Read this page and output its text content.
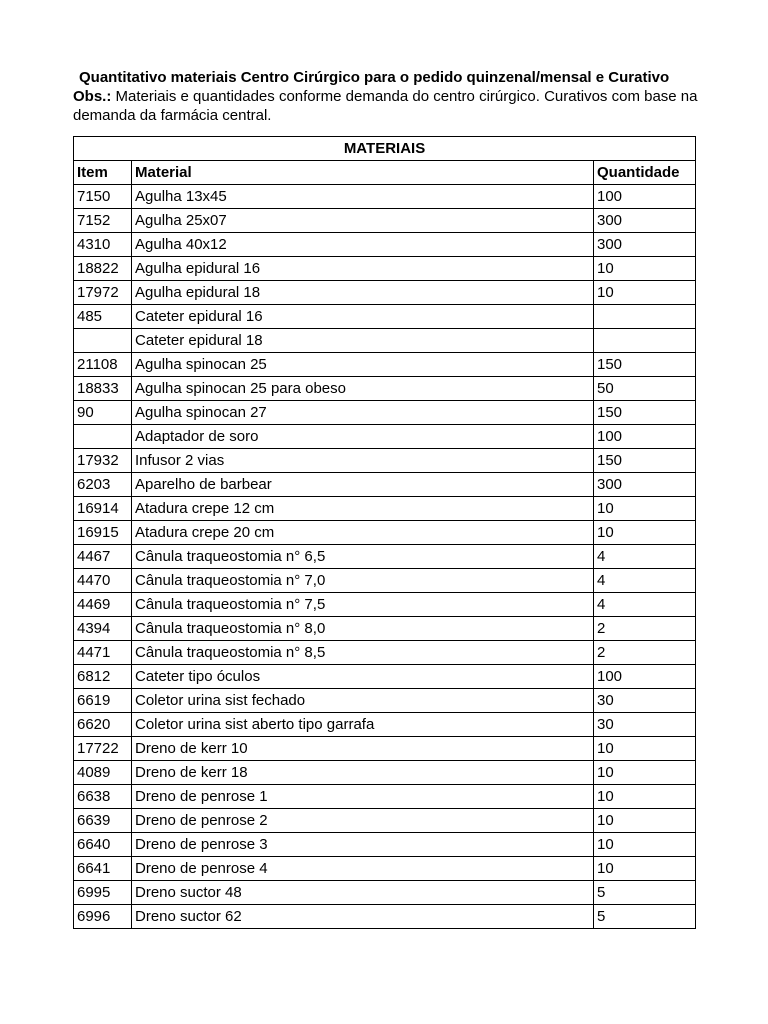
Quantitativo materiais Centro Cirúrgico para o pedido quinzenal/mensal e Curativo
Obs.: Materiais e quantidades conforme demanda do centro cirúrgico. Curativos com base na demanda da farmácia central.
MATERIAIS		
Item	Material	Quantidade
7150	Agulha 13x45	100
7152	Agulha 25x07	300
4310	Agulha 40x12	300
18822	Agulha epidural 16	10
17972	Agulha epidural 18	10
485	Cateter epidural 16	
	Cateter epidural 18	
21108	Agulha spinocan 25	150
18833	Agulha spinocan 25 para obeso	50
90	Agulha spinocan 27	150
	Adaptador de soro	100
17932	Infusor 2 vias	150
6203	Aparelho de barbear	300
16914	Atadura crepe 12 cm	10
16915	Atadura crepe 20 cm	10
4467	Cânula traqueostomia n° 6,5	4
4470	Cânula traqueostomia n° 7,0	4
4469	Cânula traqueostomia n° 7,5	4
4394	Cânula traqueostomia n° 8,0	2
4471	Cânula traqueostomia n° 8,5	2
6812	Cateter tipo óculos	100
6619	Coletor urina sist fechado	30
6620	Coletor urina sist aberto tipo garrafa	30
17722	Dreno de kerr 10	10
4089	Dreno de kerr 18	10
6638	Dreno de penrose 1	10
6639	Dreno de penrose 2	10
6640	Dreno de penrose 3	10
6641	Dreno de penrose 4	10
6995	Dreno suctor 48	5
6996	Dreno suctor 62	5
